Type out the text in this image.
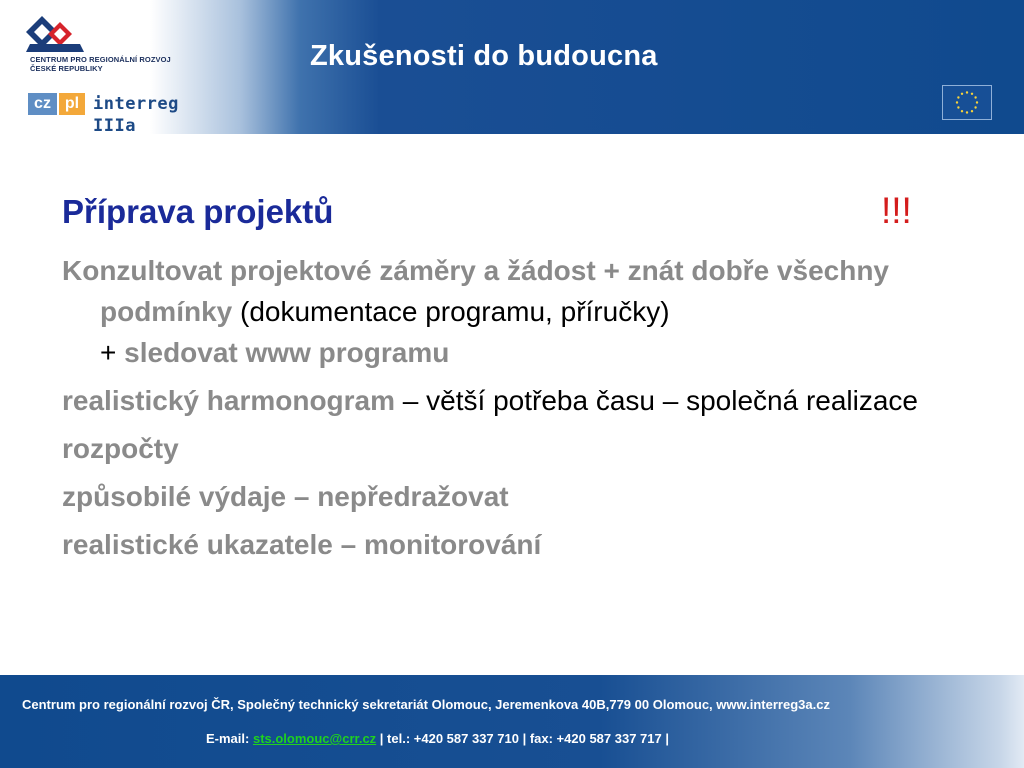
CENTRUM PRO REGIONÁLNÍ ROZVOJ
ČESKÉ REPUBLIKY
cz pl interreg IIIa
Zkušenosti do budoucna
Příprava projektů	!!!
Konzultovat projektové záměry a žádost + znát dobře všechny podmínky (dokumentace programu, příručky)
+ sledovat www programu
realistický harmonogram – větší potřeba času – společná realizace
rozpočty
způsobilé výdaje – nepředražovat
realistické ukazatele – monitorování
Centrum pro regionální rozvoj ČR, Společný technický sekretariát Olomouc, Jeremenkova 40B,779 00 Olomouc, www.interreg3a.cz
E-mail: sts.olomouc@crr.cz | tel.: +420 587 337 710 | fax: +420 587 337 717 |
